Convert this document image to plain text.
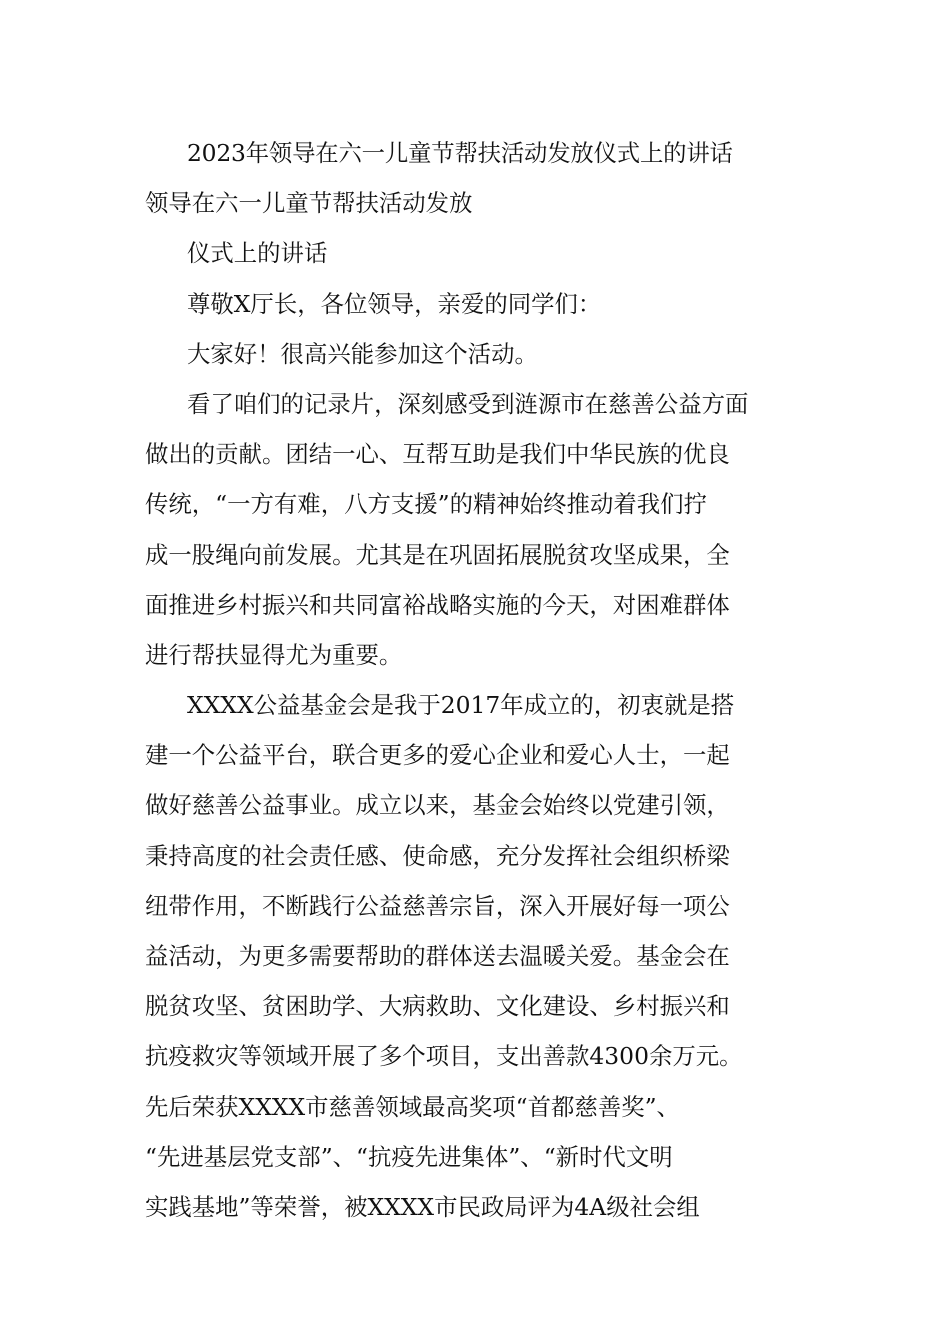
2023年领导在六一儿童节帮扶活动发放仪式上的讲话
领导在六一儿童节帮扶活动发放
仪式上的讲话
尊敬X厅长，各位领导，亲爱的同学们：
大家好！很高兴能参加这个活动。
看了咱们的记录片，深刻感受到涟源市在慈善公益方面
做出的贡献。团结一心、互帮互助是我们中华民族的优良
传统，“一方有难，八方支援”的精神始终推动着我们拧
成一股绳向前发展。尤其是在巩固拓展脱贫攻坚成果，全
面推进乡村振兴和共同富裕战略实施的今天，对困难群体
进行帮扶显得尤为重要。
XXXX公益基金会是我于2017年成立的，初衷就是搭
建一个公益平台，联合更多的爱心企业和爱心人士，一起
做好慈善公益事业。成立以来，基金会始终以党建引领，
秉持高度的社会责任感、使命感，充分发挥社会组织桥梁
纽带作用，不断践行公益慈善宗旨，深入开展好每一项公
益活动，为更多需要帮助的群体送去温暖关爱。基金会在
脱贫攻坚、贫困助学、大病救助、文化建设、乡村振兴和
抗疫救灾等领域开展了多个项目，支出善款4300余万元。
先后荣获XXXX市慈善领域最高奖项“首都慈善奖”、
“先进基层党支部”、“抗疫先进集体”、“新时代文明
实践基地”等荣誉，被XXXX市民政局评为4A级社会组
